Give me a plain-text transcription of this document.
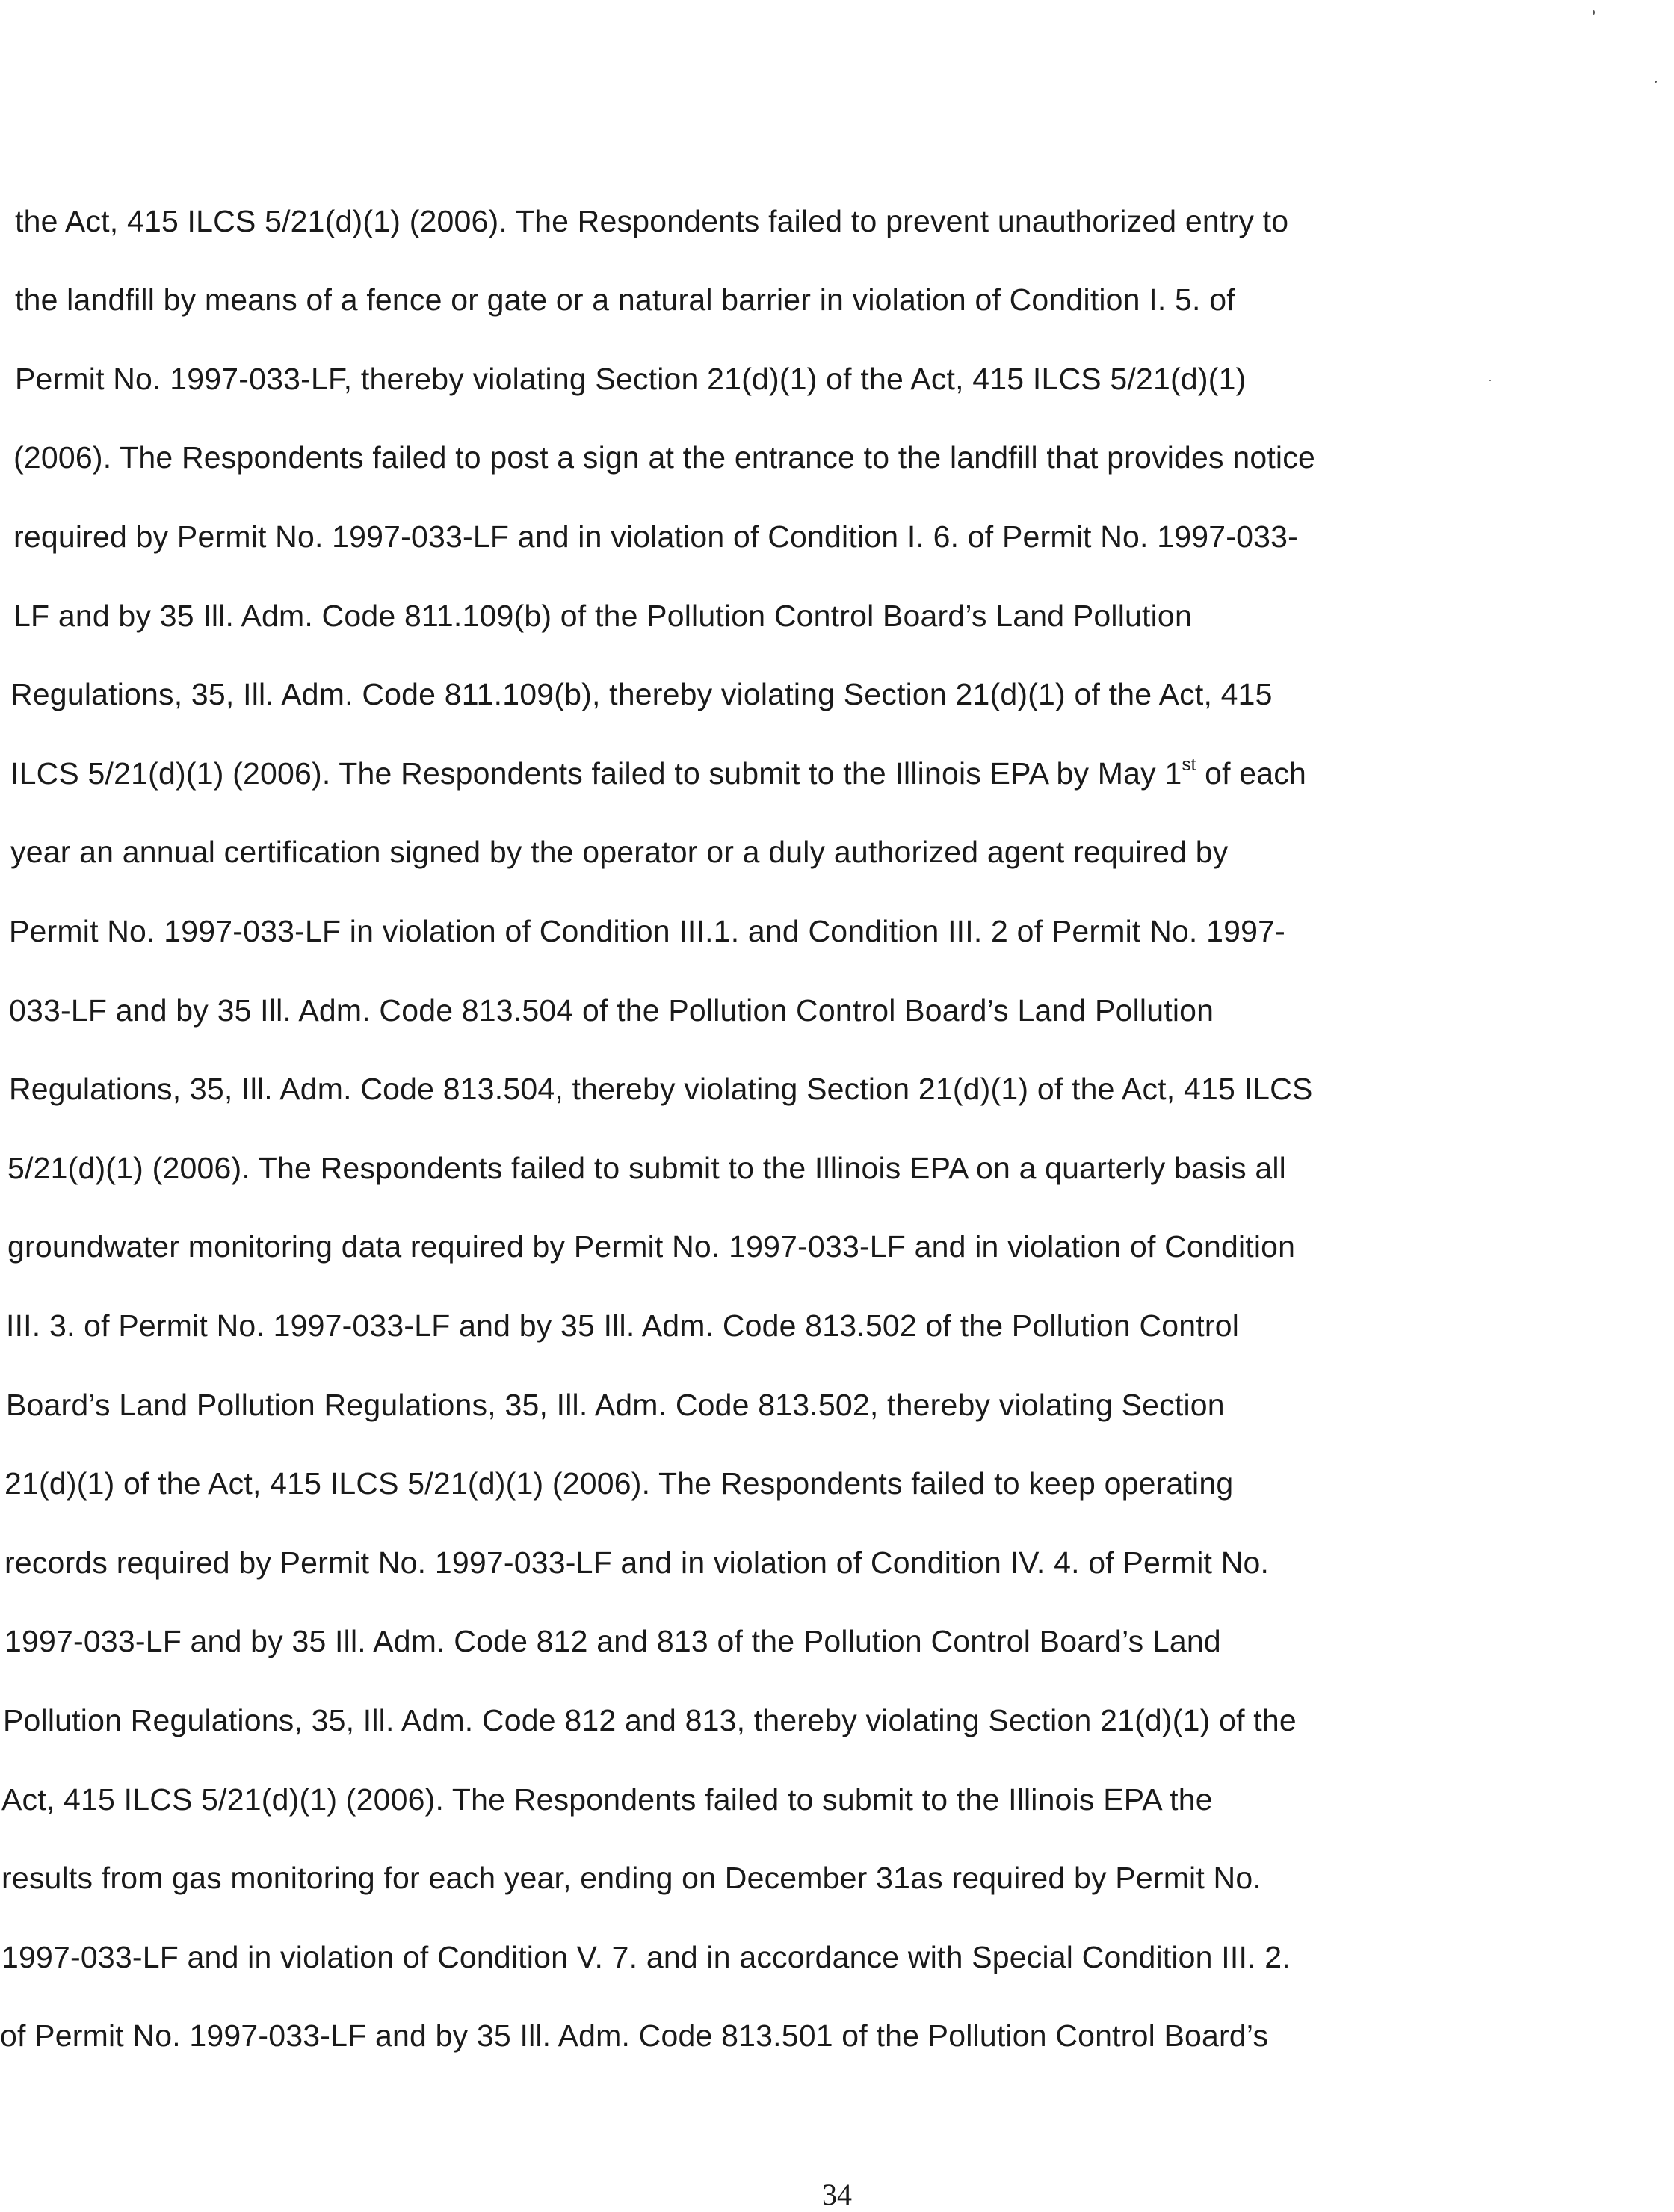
the Act, 415 ILCS 5/21(d)(1) (2006). The Respondents failed to prevent unauthorized entry to
the landfill by means of a fence or gate or a natural barrier in violation of Condition I. 5. of
Permit No. 1997-033-LF, thereby violating Section 21(d)(1) of the Act, 415 ILCS 5/21(d)(1)
(2006). The Respondents failed to post a sign at the entrance to the landfill that provides notice
required by Permit No. 1997-033-LF and in violation of Condition I. 6. of Permit No. 1997-033-
LF and by 35 Ill. Adm. Code 811.109(b) of the Pollution Control Board’s Land Pollution
Regulations, 35, Ill. Adm. Code 811.109(b), thereby violating Section 21(d)(1) of the Act, 415
ILCS 5/21(d)(1) (2006). The Respondents failed to submit to the Illinois EPA by May 1st of each
year an annual certification signed by the operator or a duly authorized agent required by
Permit No. 1997-033-LF in violation of Condition III.1. and Condition III. 2 of Permit No. 1997-
033-LF and by 35 Ill. Adm. Code 813.504 of the Pollution Control Board’s Land Pollution
Regulations, 35, Ill. Adm. Code 813.504, thereby violating Section 21(d)(1) of the Act, 415 ILCS
5/21(d)(1) (2006). The Respondents failed to submit to the Illinois EPA on a quarterly basis all
groundwater monitoring data required by Permit No. 1997-033-LF and in violation of Condition
III. 3. of Permit No. 1997-033-LF and by 35 Ill. Adm. Code 813.502 of the Pollution Control
Board’s Land Pollution Regulations, 35, Ill. Adm. Code 813.502, thereby violating Section
21(d)(1) of the Act, 415 ILCS 5/21(d)(1) (2006). The Respondents failed to keep operating
records required by Permit No. 1997-033-LF and in violation of Condition IV. 4. of Permit No.
1997-033-LF and by 35 Ill. Adm. Code 812 and 813 of the Pollution Control Board’s Land
Pollution Regulations, 35, Ill. Adm. Code 812 and 813, thereby violating Section 21(d)(1) of the
Act, 415 ILCS 5/21(d)(1) (2006). The Respondents failed to submit to the Illinois EPA the
results from gas monitoring for each year, ending on December 31as required by Permit No.
1997-033-LF and in violation of Condition V. 7. and in accordance with Special Condition III. 2.
of Permit No. 1997-033-LF and by 35 Ill. Adm. Code 813.501 of the Pollution Control Board’s
34
